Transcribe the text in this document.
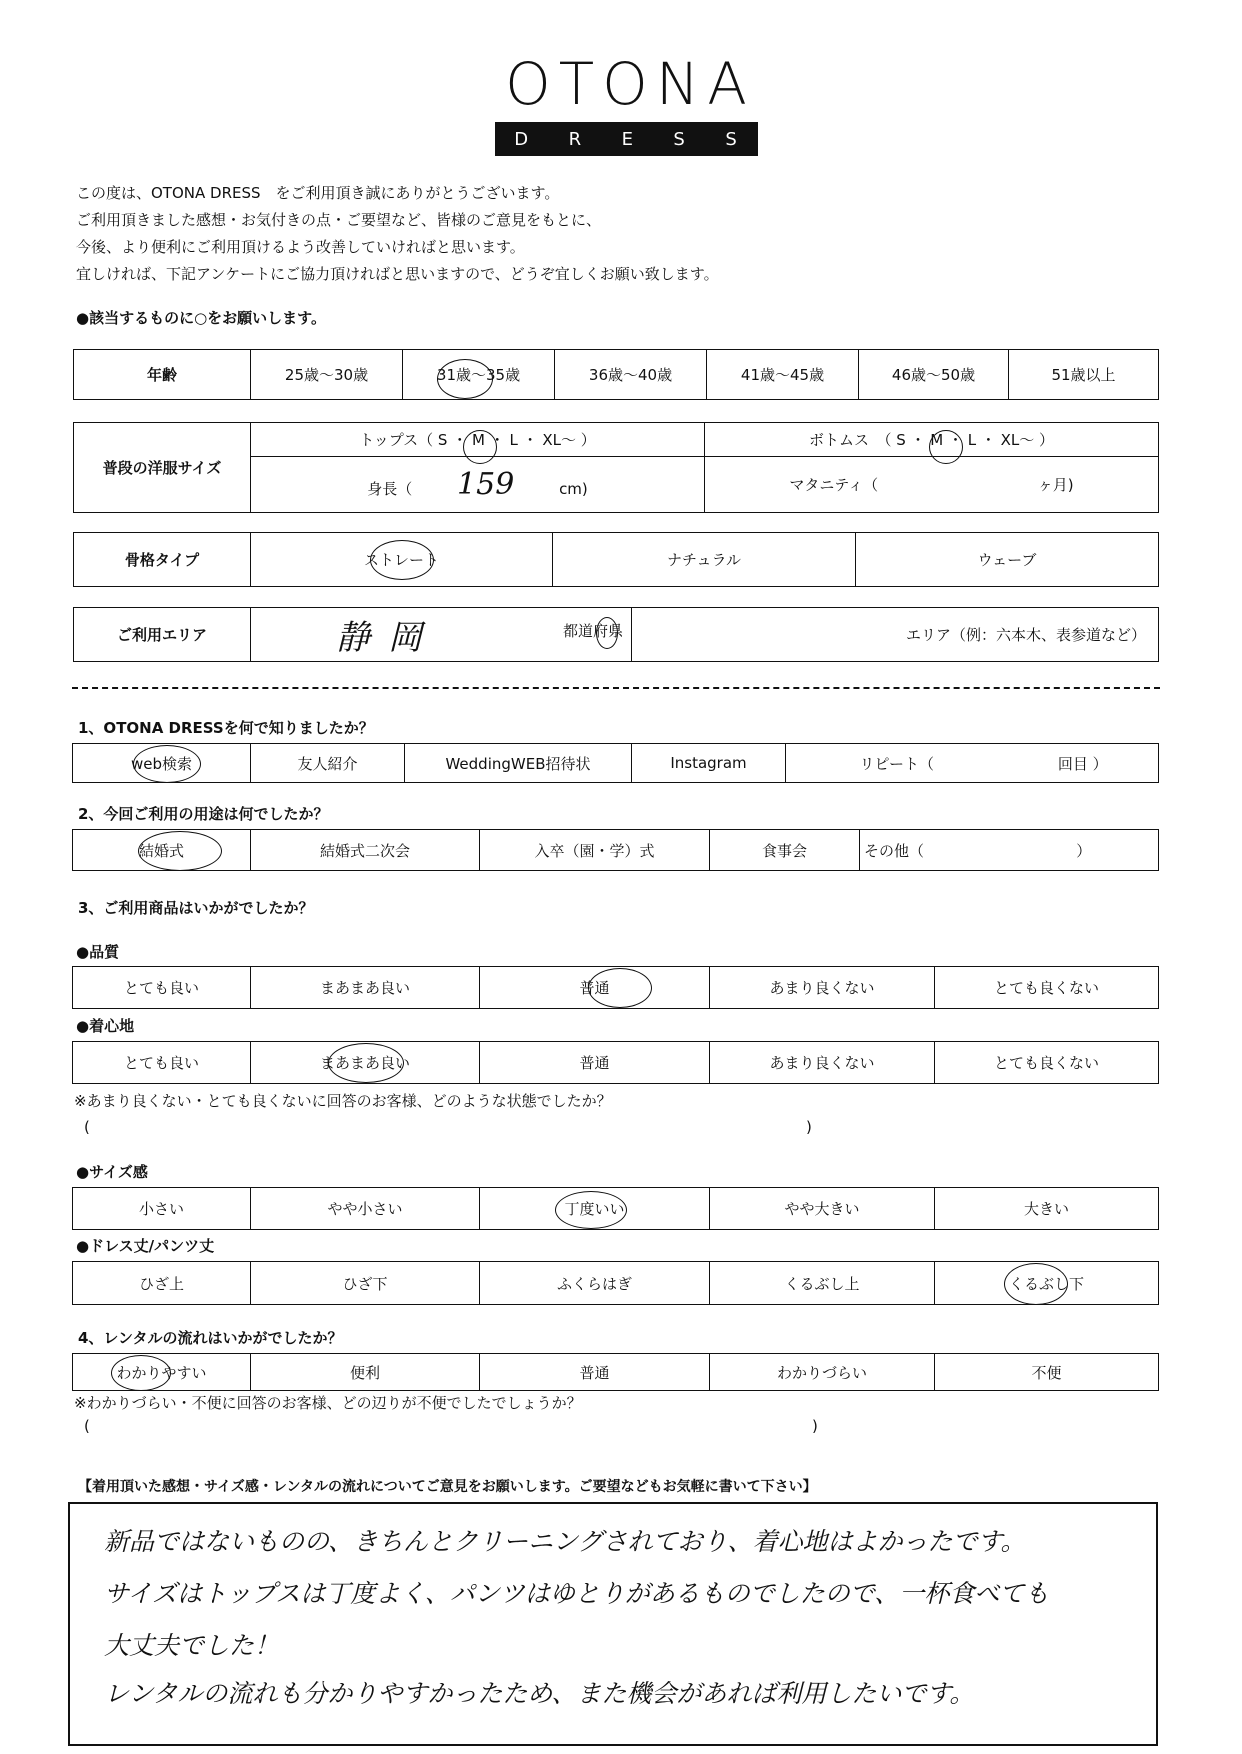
OTONA
D R E S S
この度は、OTONA DRESS　をご利用頂き誠にありがとうございます。
ご利用頂きました感想・お気付きの点・ご要望など、皆様のご意見をもとに、
今後、より便利にご利用頂けるよう改善していければと思います。
宜しければ、下記アンケートにご協力頂ければと思いますので、どうぞ宜しくお願い致します。
●該当するものに○をお願いします。
年齢	25歳～30歳	31歳～35歳	36歳～40歳	41歳～45歳	46歳～50歳	51歳以上
普段の洋服サイズ	トップス（ S ・ M ・ L ・ XL～ ）	ボトムス　（ S ・ M ・ L ・ XL～ ）
	身長（ 159 cm)	マタニティ（ ヶ月)
骨格タイプ	ストレート	ナチュラル	ウェーブ
ご利用エリア	静岡	都道府県	エリア（例：六本木、表参道など）
1、OTONA DRESSを何で知りましたか？
web検索	友人紹介	WeddingWEB招待状	Instagram	リピート（	回目 ）
2、今回ご利用の用途は何でしたか？
結婚式	結婚式二次会	入卒（園・学）式	食事会	その他（	）
3、ご利用商品はいかがでしたか？
●品質
とても良い	まあまあ良い	普通	あまり良くない	とても良くない
●着心地
とても良い	まあまあ良い	普通	あまり良くない	とても良くない
※あまり良くない・とても良くないに回答のお客様、どのような状態でしたか？
(	)
●サイズ感
小さい	やや小さい	丁度いい	やや大きい	大きい
●ドレス丈/パンツ丈
ひざ上	ひざ下	ふくらはぎ	くるぶし上	くるぶし下
4、レンタルの流れはいかがでしたか？
わかりやすい	便利	普通	わかりづらい	不便
※わかりづらい・不便に回答のお客様、どの辺りが不便でしたでしょうか？
(	)
【着用頂いた感想・サイズ感・レンタルの流れについてご意見をお願いします。ご要望などもお気軽に書いて下さい】
新品ではないものの、きちんとクリーニングされており、着心地はよかったです。
サイズはトップスは丁度よく、パンツはゆとりがあるものでしたので、一杯食べても
大丈夫でした！
レンタルの流れも分かりやすかったため、また機会があれば利用したいです。
